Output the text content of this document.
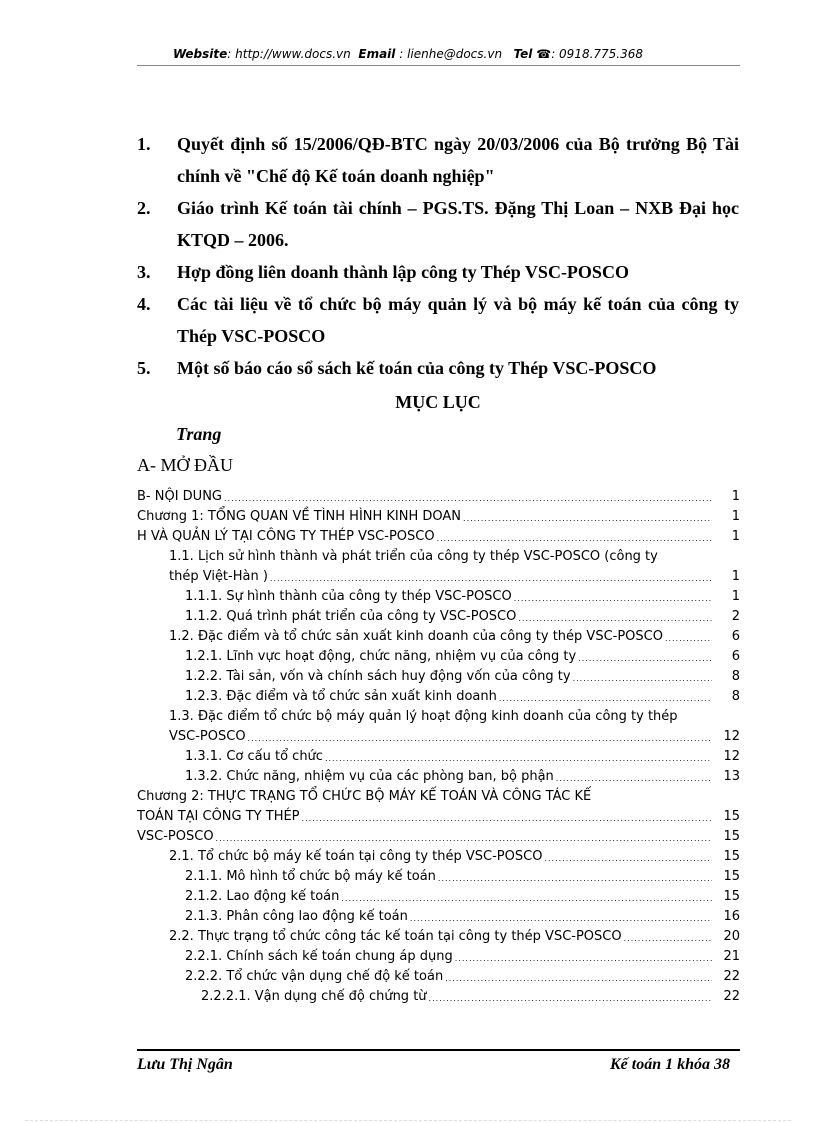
Website: http://www.docs.vn Email : lienhe@docs.vn Tel ☎: 0918.775.368
1.	Quyết định số 15/2006/QĐ-BTC ngày 20/03/2006 của Bộ trưởng Bộ Tài chính về "Chế độ Kế toán doanh nghiệp"
2.	Giáo trình Kế toán tài chính – PGS.TS. Đặng Thị Loan – NXB Đại học KTQD – 2006.
3.	Hợp đồng liên doanh thành lập công ty Thép VSC-POSCO
4.	Các tài liệu về tổ chức bộ máy quản lý và bộ máy kế toán của công ty Thép VSC-POSCO
5.	Một số báo cáo sổ sách kế toán của công ty Thép VSC-POSCO
MỤC LỤC
Trang
A- MỞ ĐẦU
B- NỘI DUNG .....	1
Chương 1: TỔNG QUAN VỀ TÌNH HÌNH KINH DOAN .....	1
H VÀ QUẢN LÝ TẠI CÔNG TY THÉP VSC-POSCO .....	1
1.1. Lịch sử hình thành và phát triển của công ty thép VSC-POSCO (công ty
thép Việt-Hàn ) .....	1
1.1.1. Sự hình thành của công ty thép VSC-POSCO .....	1
1.1.2. Quá trình phát triển của công ty VSC-POSCO .....	2
1.2. Đặc điểm và tổ chức sản xuất kinh doanh của công ty thép VSC-POSCO .....	6
1.2.1. Lĩnh vực hoạt động, chức năng, nhiệm vụ của công ty .....	6
1.2.2. Tài sản, vốn và chính sách huy động vốn của công ty .....	8
1.2.3. Đặc điểm và tổ chức sản xuất kinh doanh .....	8
1.3. Đặc điểm tổ chức bộ máy quản lý hoạt động kinh doanh của công ty thép
VSC-POSCO .....	12
1.3.1. Cơ cấu tổ chức .....	12
1.3.2. Chức năng, nhiệm vụ của các phòng ban, bộ phận .....	13
Chương 2: THỰC TRẠNG TỔ CHỨC BỘ MÁY KẾ TOÁN VÀ CÔNG TÁC KẾ
TOÁN TẠI CÔNG TY THÉP .....	15
VSC-POSCO .....	15
2.1. Tổ chức bộ máy kế toán tại công ty thép VSC-POSCO .....	15
2.1.1. Mô hình tổ chức bộ máy kế toán .....	15
2.1.2. Lao động kế toán .....	15
2.1.3. Phân công lao động kế toán .....	16
2.2. Thực trạng tổ chức công tác kế toán tại công ty thép VSC-POSCO .....	20
2.2.1. Chính sách kế toán chung áp dụng .....	21
2.2.2. Tổ chức vận dụng chế độ kế toán .....	22
2.2.2.1. Vận dụng chế độ chứng từ .....	22
Lưu Thị Ngân	Kế toán 1 khóa 38
